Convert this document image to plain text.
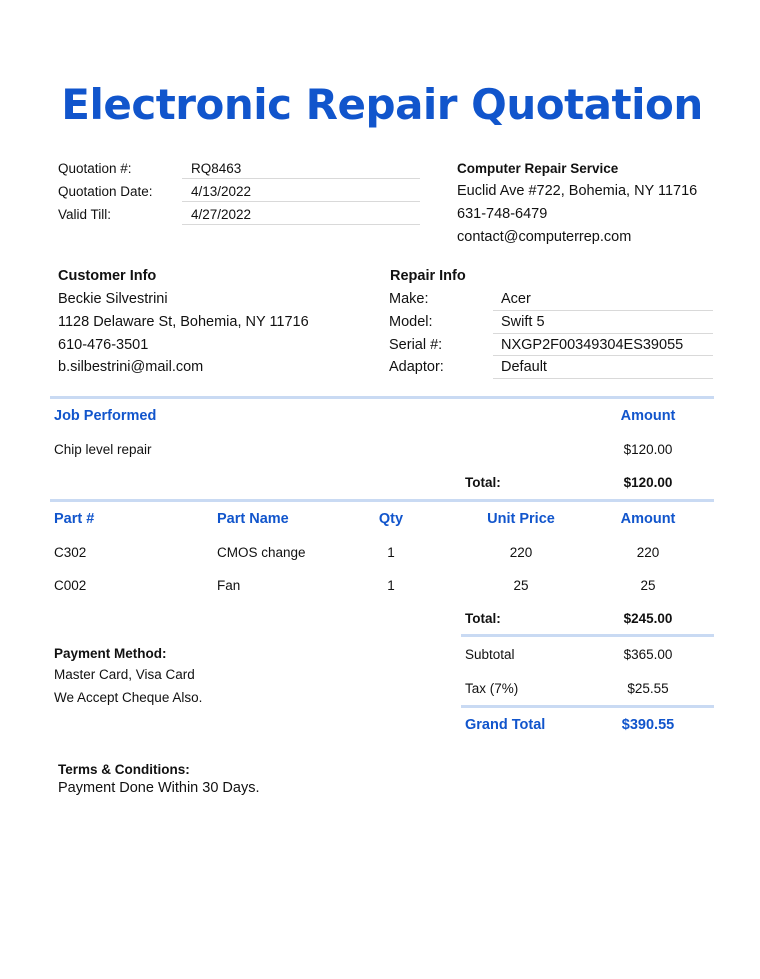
Electronic Repair Quotation
Quotation #:	RQ8463
Quotation Date:	4/13/2022
Valid Till:	4/27/2022
Computer Repair Service
Euclid Ave #722, Bohemia, NY 11716
631-748-6479
contact@computerrep.com
Customer Info
Beckie Silvestrini
1128 Delaware St, Bohemia, NY 11716
610-476-3501
b.silbestrini@mail.com
Repair Info
Make:	Acer
Model:	Swift 5
Serial #:	NXGP2F00349304ES39055
Adaptor:	Default
Job Performed	Amount
Chip level repair	$120.00
Total:	$120.00
Part #	Part Name	Qty	Unit Price	Amount
C302	CMOS change	1	220	220
C002	Fan	1	25	25
Total:	$245.00
Payment Method:
Master Card, Visa Card
We Accept Cheque Also.
Subtotal	$365.00
Tax (7%)	$25.55
Grand Total	$390.55
Terms & Conditions:
Payment Done Within 30 Days.
